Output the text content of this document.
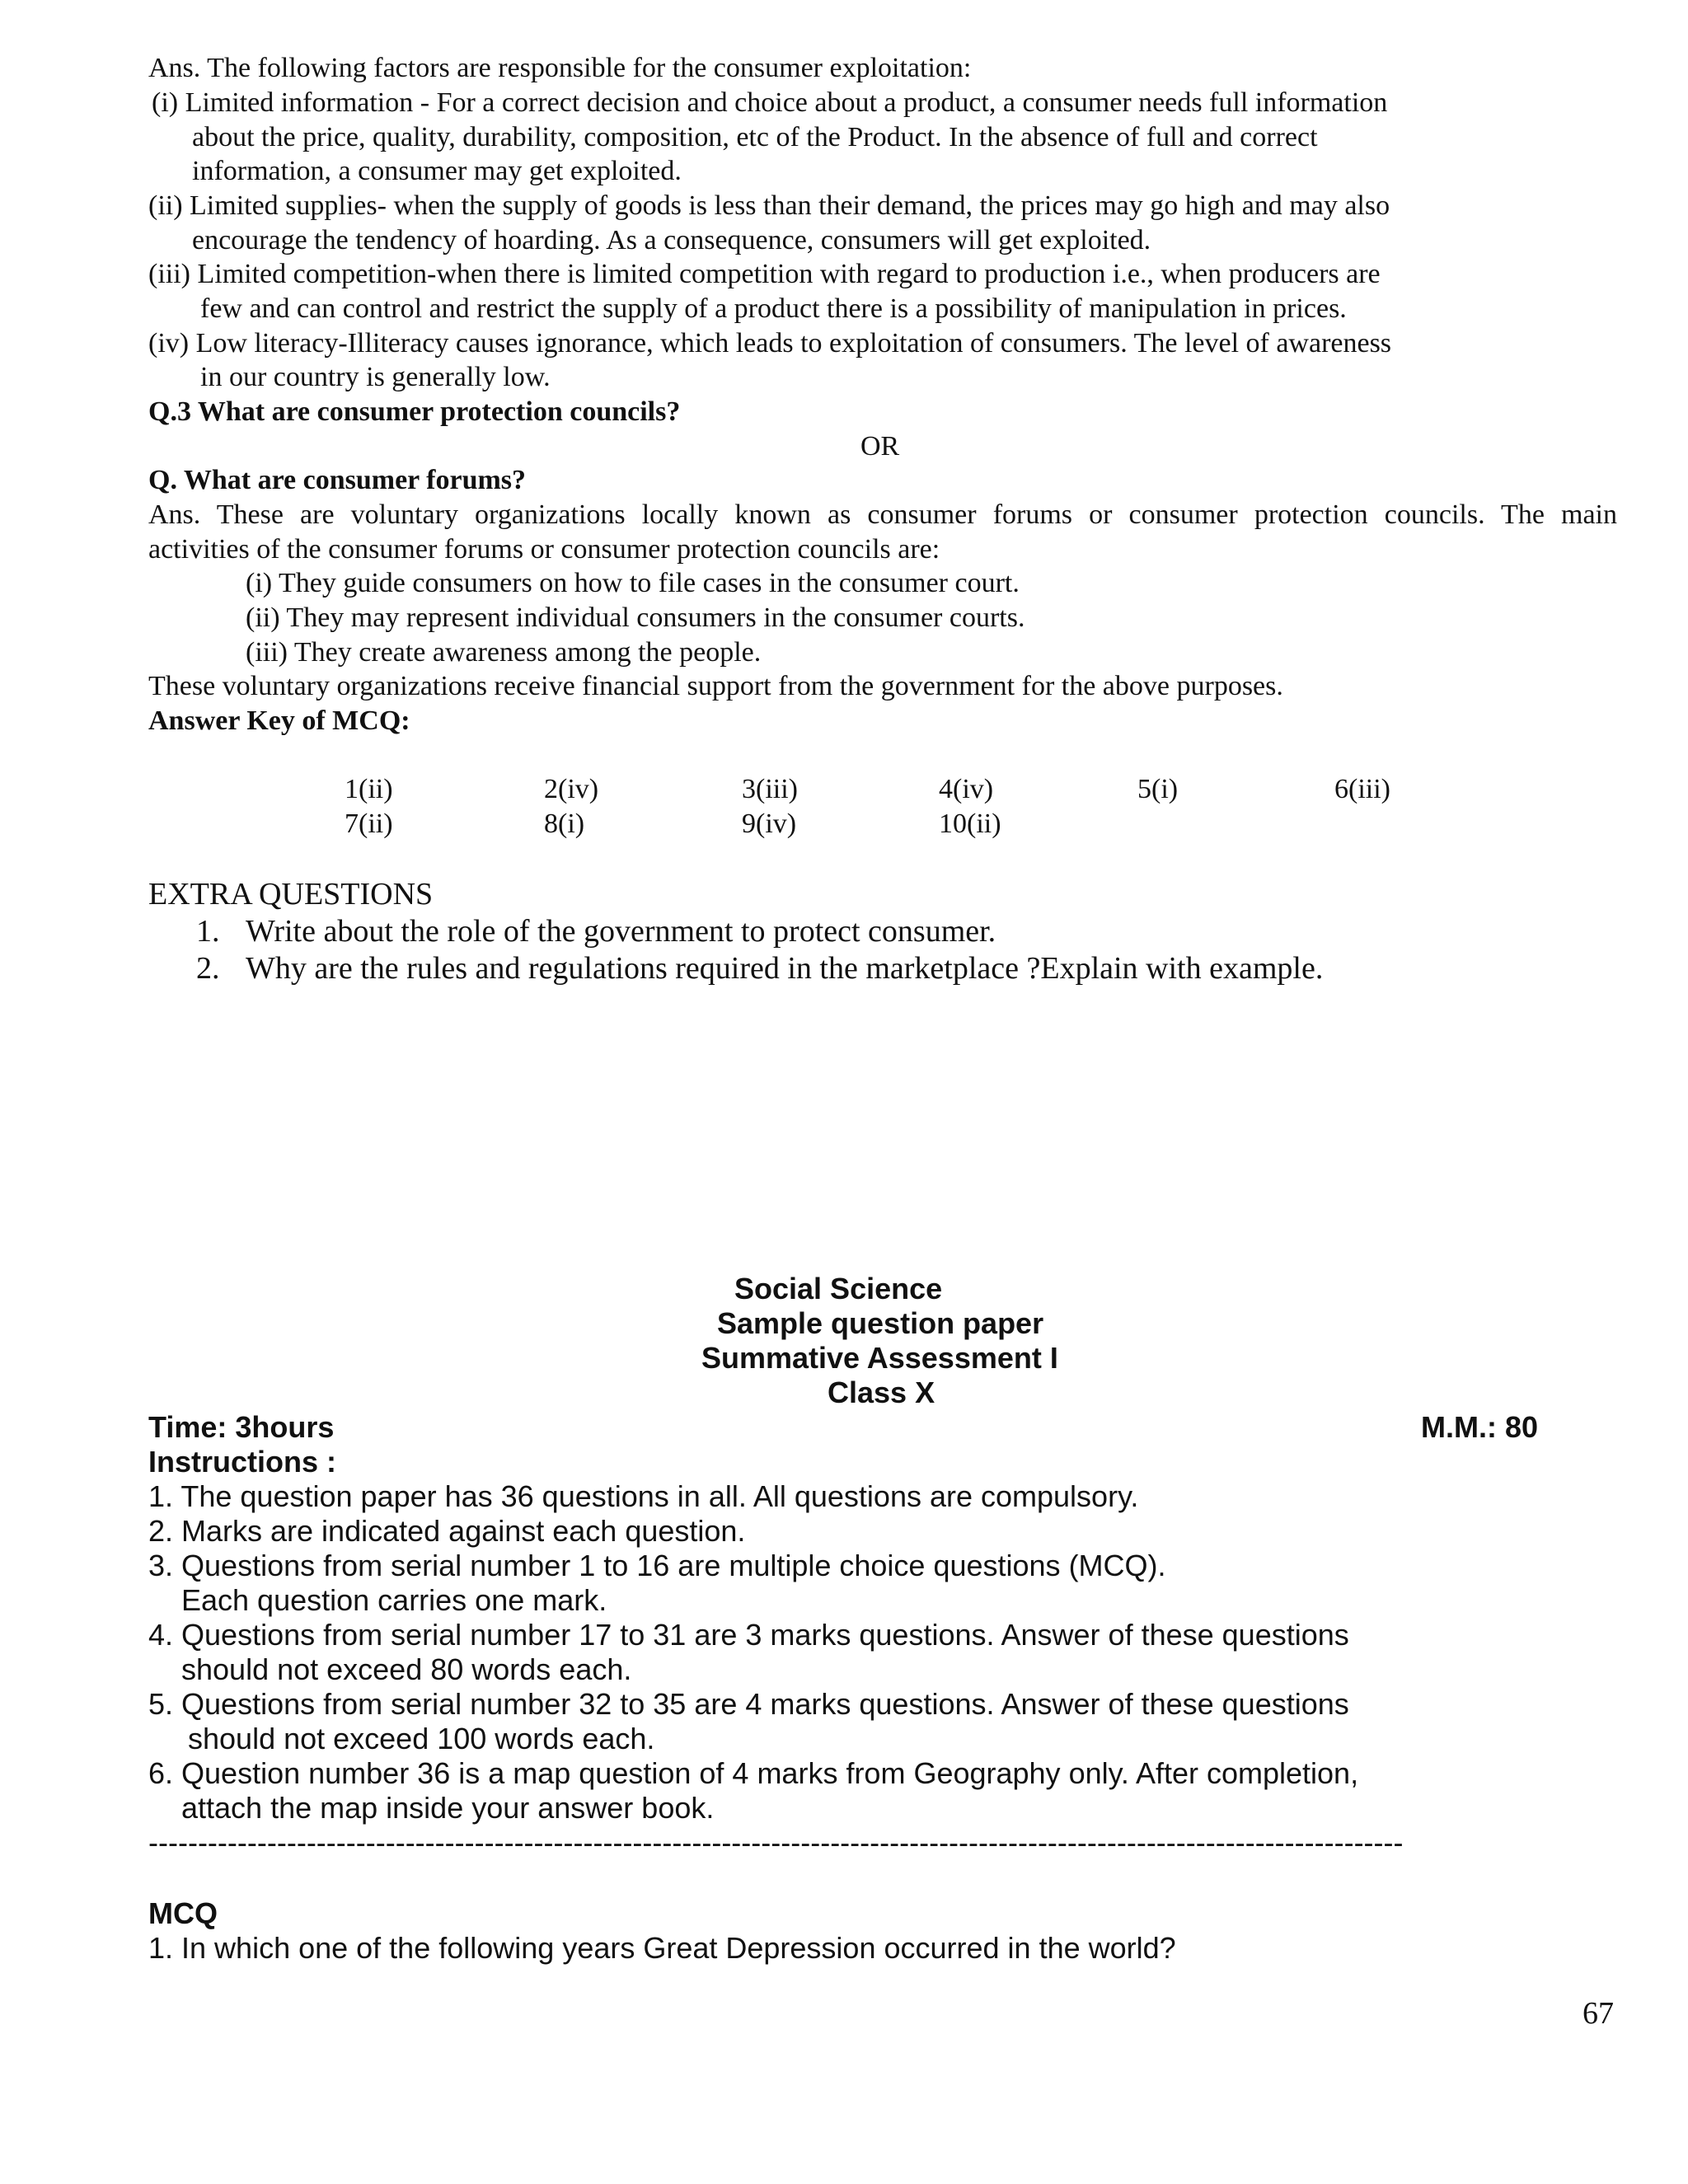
Ans. The following factors are responsible for the consumer exploitation:
(i) Limited information - For a correct decision and choice about a product, a consumer needs full information
about the price, quality, durability, composition, etc of the Product. In the absence of full and correct
information, a consumer may get exploited.
(ii) Limited supplies- when the supply of goods is less than their demand, the prices may go high and may also
encourage the tendency of hoarding. As a consequence, consumers will get exploited.
(iii) Limited competition-when there is limited competition with regard to production i.e., when producers are
few and can control and restrict the supply of a product there is a possibility of manipulation in prices.
(iv) Low literacy-Illiteracy causes ignorance, which leads to exploitation of consumers. The level of awareness
in our country is generally low.
Q.3 What are consumer protection councils?
OR
Q. What are consumer forums?
Ans. These are voluntary organizations locally known as consumer forums or consumer protection councils. The main
activities of the consumer forums or consumer protection councils are:
(i) They guide consumers on how to file cases in the consumer court.
(ii) They may represent individual consumers in the consumer courts.
(iii) They create awareness among the people.
These voluntary organizations receive financial support from the government for the above purposes.
Answer Key of MCQ:
1(ii)	2(iv)	3(iii)	4(iv)	5(i)	6(iii)
7(ii)	8(i)	9(iv)	10(ii)
EXTRA QUESTIONS
1. Write about the role of the government to protect consumer.
2. Why are the rules and regulations required in the marketplace ?Explain with example.
Social Science
Sample question paper
Summative Assessment I
Class X
Time: 3hours	M.M.: 80
Instructions :
1. The question paper has 36 questions in all. All questions are compulsory.
2. Marks are indicated against each question.
3. Questions from serial number 1 to 16 are multiple choice questions (MCQ).
Each question carries one mark.
4. Questions from serial number 17 to 31 are 3 marks questions. Answer of these questions
should not exceed 80 words each.
5. Questions from serial number 32 to 35 are 4 marks questions. Answer of these questions
should not exceed 100 words each.
6. Question number 36 is a map question of 4 marks from Geography only. After completion,
attach the map inside your answer book.
-------------------------------------------------------------------------------------------------------------------------------
MCQ
1. In which one of the following years Great Depression occurred in the world?
67
